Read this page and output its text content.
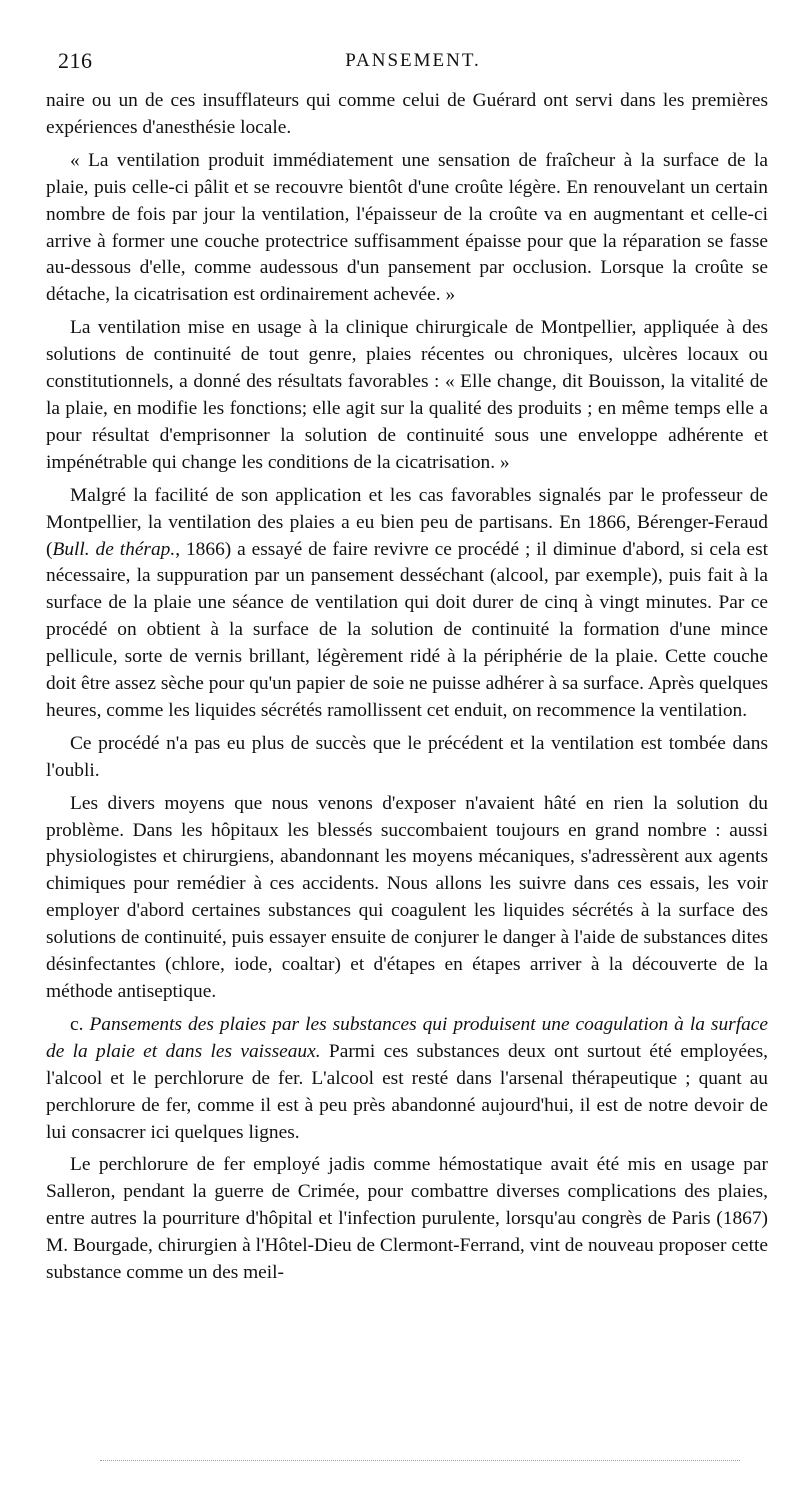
216	PANSEMENT.

naire ou un de ces insufflateurs qui comme celui de Guérard ont servi dans les premières expériences d'anesthésie locale.

« La ventilation produit immédiatement une sensation de fraîcheur à la surface de la plaie, puis celle-ci pâlit et se recouvre bientôt d'une croûte légère. En renouvelant un certain nombre de fois par jour la ventilation, l'épaisseur de la croûte va en augmentant et celle-ci arrive à former une couche protectrice suffisamment épaisse pour que la réparation se fasse au-dessous d'elle, comme audessous d'un pansement par occlusion. Lorsque la croûte se détache, la cicatrisation est ordinairement achevée. »

La ventilation mise en usage à la clinique chirurgicale de Montpellier, appliquée à des solutions de continuité de tout genre, plaies récentes ou chroniques, ulcères locaux ou constitutionnels, a donné des résultats favorables : « Elle change, dit Bouisson, la vitalité de la plaie, en modifie les fonctions; elle agit sur la qualité des produits ; en même temps elle a pour résultat d'emprisonner la solution de continuité sous une enveloppe adhérente et impénétrable qui change les conditions de la cicatrisation. »

Malgré la facilité de son application et les cas favorables signalés par le professeur de Montpellier, la ventilation des plaies a eu bien peu de partisans. En 1866, Bérenger-Feraud (Bull. de thérap., 1866) a essayé de faire revivre ce procédé ; il diminue d'abord, si cela est nécessaire, la suppuration par un pansement desséchant (alcool, par exemple), puis fait à la surface de la plaie une séance de ventilation qui doit durer de cinq à vingt minutes. Par ce procédé on obtient à la surface de la solution de continuité la formation d'une mince pellicule, sorte de vernis brillant, légèrement ridé à la périphérie de la plaie. Cette couche doit être assez sèche pour qu'un papier de soie ne puisse adhérer à sa surface. Après quelques heures, comme les liquides sécrétés ramollissent cet enduit, on recommence la ventilation.

Ce procédé n'a pas eu plus de succès que le précédent et la ventilation est tombée dans l'oubli.

Les divers moyens que nous venons d'exposer n'avaient hâté en rien la solution du problème. Dans les hôpitaux les blessés succombaient toujours en grand nombre : aussi physiologistes et chirurgiens, abandonnant les moyens mécaniques, s'adressèrent aux agents chimiques pour remédier à ces accidents. Nous allons les suivre dans ces essais, les voir employer d'abord certaines substances qui coagulent les liquides sécrétés à la surface des solutions de continuité, puis essayer ensuite de conjurer le danger à l'aide de substances dites désinfectantes (chlore, iode, coaltar) et d'étapes en étapes arriver à la découverte de la méthode antiseptique.

c. Pansements des plaies par les substances qui produisent une coagulation à la surface de la plaie et dans les vaisseaux. Parmi ces substances deux ont surtout été employées, l'alcool et le perchlorure de fer. L'alcool est resté dans l'arsenal thérapeutique ; quant au perchlorure de fer, comme il est à peu près abandonné aujourd'hui, il est de notre devoir de lui consacrer ici quelques lignes.

Le perchlorure de fer employé jadis comme hémostatique avait été mis en usage par Salleron, pendant la guerre de Crimée, pour combattre diverses complications des plaies, entre autres la pourriture d'hôpital et l'infection purulente, lorsqu'au congrès de Paris (1867) M. Bourgade, chirurgien à l'Hôtel-Dieu de Clermont-Ferrand, vint de nouveau proposer cette substance comme un des meil-
